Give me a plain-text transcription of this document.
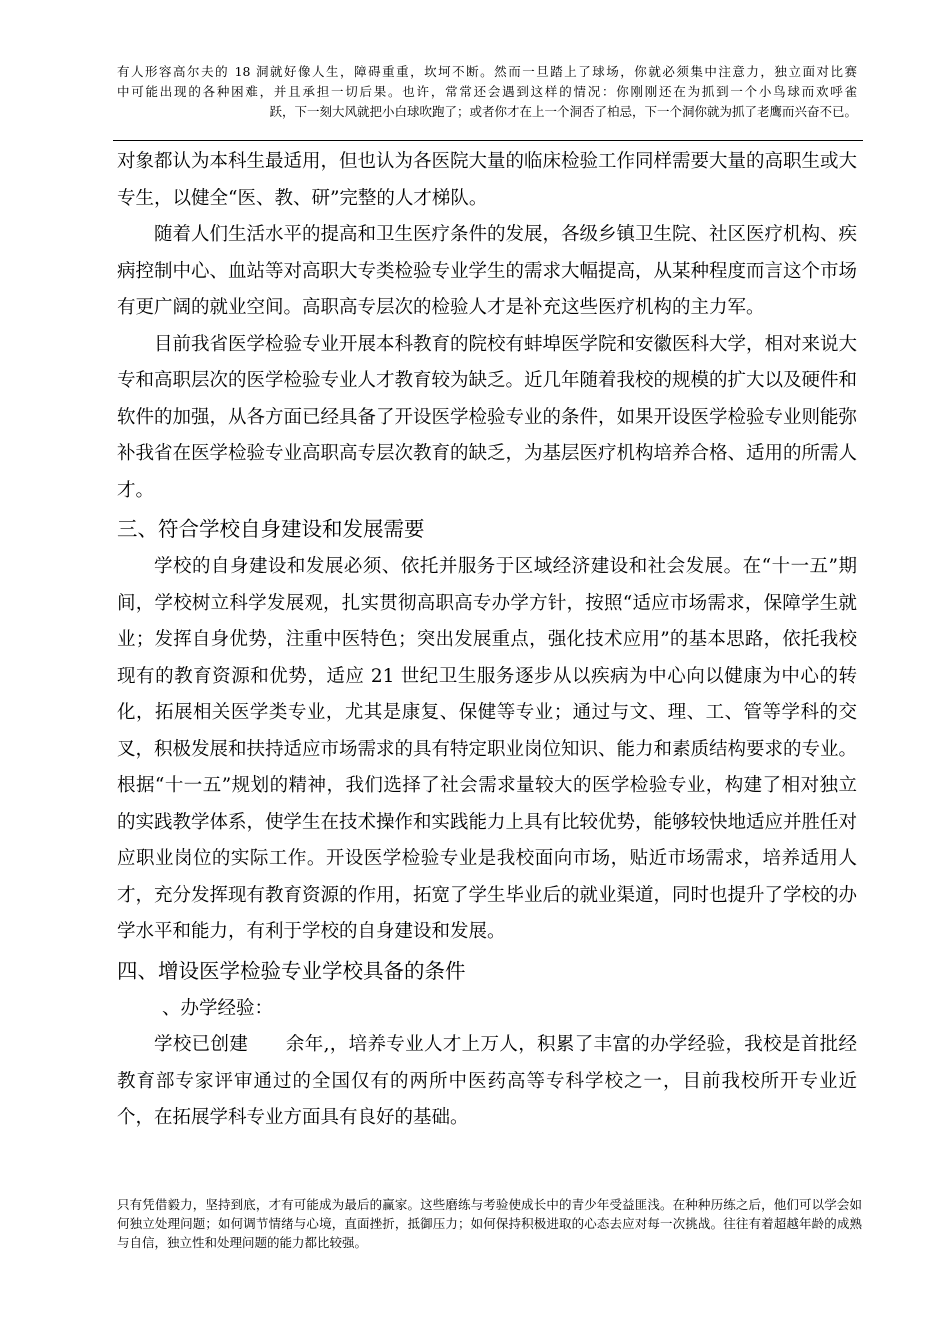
有人形容高尔夫的 18 洞就好像人生，障碍重重，坎坷不断。然而一旦踏上了球场，你就必须集中注意力，独立面对比赛

中可能出现的各种困难，并且承担一切后果。也许，常常还会遇到这样的情况：你刚刚还在为抓到一个小鸟球而欢呼雀

跃，下一刻大风就把小白球吹跑了；或者你才在上一个洞否了柏忌，下一个洞你就为抓了老鹰而兴奋不已。

对象都认为本科生最适用，但也认为各医院大量的临床检验工作同样需要大量的高职生或大专生，以健全“医、教、研”完整的人才梯队。

随着人们生活水平的提高和卫生医疗条件的发展，各级乡镇卫生院、社区医疗机构、疾病控制中心、血站等对高职大专类检验专业学生的需求大幅提高，从某种程度而言这个市场有更广阔的就业空间。高职高专层次的检验人才是补充这些医疗机构的主力军。

目前我省医学检验专业开展本科教育的院校有蚌埠医学院和安徽医科大学，相对来说大专和高职层次的医学检验专业人才教育较为缺乏。近几年随着我校的规模的扩大以及硬件和软件的加强，从各方面已经具备了开设医学检验专业的条件，如果开设医学检验专业则能弥补我省在医学检验专业高职高专层次教育的缺乏，为基层医疗机构培养合格、适用的所需人才。

三、符合学校自身建设和发展需要

学校的自身建设和发展必须、依托并服务于区域经济建设和社会发展。在“十一五”期间，学校树立科学发展观，扎实贯彻高职高专办学方针，按照“适应市场需求，保障学生就业；发挥自身优势，注重中医特色；突出发展重点，强化技术应用”的基本思路，依托我校现有的教育资源和优势，适应 21 世纪卫生服务逐步从以疾病为中心向以健康为中心的转化，拓展相关医学类专业，尤其是康复、保健等专业；通过与文、理、工、管等学科的交叉，积极发展和扶持适应市场需求的具有特定职业岗位知识、能力和素质结构要求的专业。根据“十一五”规划的精神，我们选择了社会需求量较大的医学检验专业，构建了相对独立的实践教学体系，使学生在技术操作和实践能力上具有比较优势，能够较快地适应并胜任对应职业岗位的实际工作。开设医学检验专业是我校面向市场，贴近市场需求，培养适用人才，充分发挥现有教育资源的作用，拓宽了学生毕业后的就业渠道，同时也提升了学校的办学水平和能力，有利于学校的自身建设和发展。

四、增设医学检验专业学校具备的条件

、办学经验：

学校已创建　　余年,，培养专业人才上万人，积累了丰富的办学经验，我校是首批经教育部专家评审通过的全国仅有的两所中医药高等专科学校之一，目前我校所开专业近　　个，在拓展学科专业方面具有良好的基础。

只有凭借毅力，坚持到底，才有可能成为最后的赢家。这些磨练与考验使成长中的青少年受益匪浅。在种种历练之后，他们可以学会如何独立处理问题；如何调节情绪与心境，直面挫折，抵御压力；如何保持积极进取的心态去应对每一次挑战。往往有着超越年龄的成熟与自信，独立性和处理问题的能力都比较强。
